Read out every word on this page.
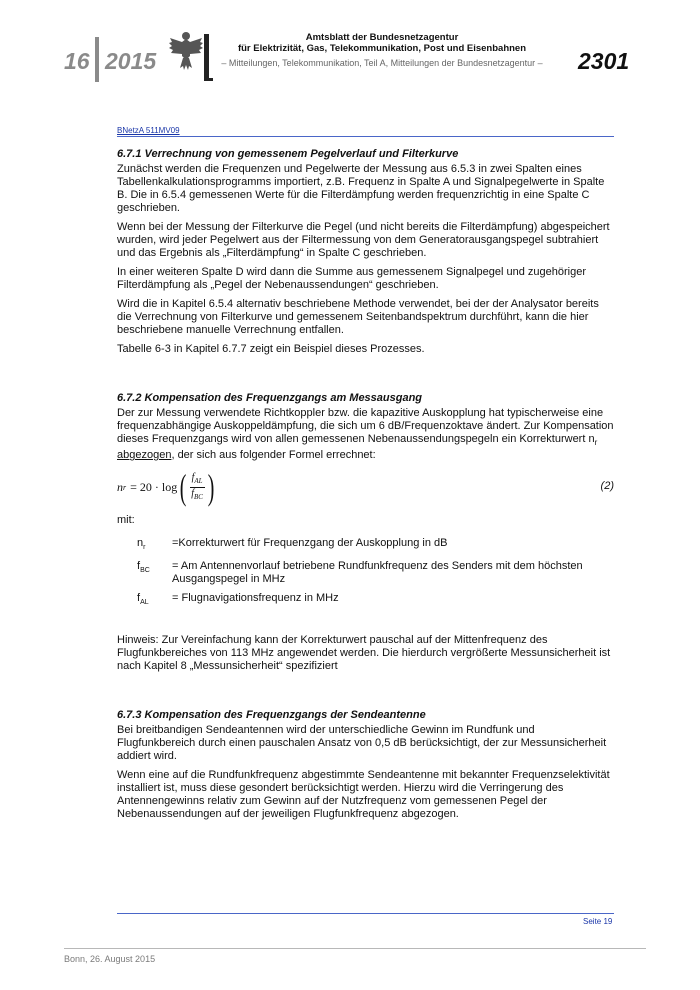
16 2015
Amtsblatt der Bundesnetzagentur
für Elektrizität, Gas, Telekommunikation, Post und Eisenbahnen
– Mitteilungen, Telekommunikation, Teil A, Mitteilungen der Bundesnetzagentur –	2301
BNetzA 511MV09
6.7.1 Verrechnung von gemessenem Pegelverlauf und Filterkurve

Zunächst werden die Frequenzen und Pegelwerte der Messung aus 6.5.3 in zwei Spalten eines Tabellenkalkulationsprogramms importiert, z.B. Frequenz in Spalte A und Signalpegelwerte in Spalte B. Die in 6.5.4 gemessenen Werte für die Filterdämpfung werden frequenzrichtig in eine Spalte C geschrieben.

Wenn bei der Messung der Filterkurve die Pegel (und nicht bereits die Filterdämpfung) abgespeichert wurden, wird jeder Pegelwert aus der Filtermessung von dem Generatorausgangspegel subtrahiert und das Ergebnis als „Filterdämpfung“ in Spalte C geschrieben.

In einer weiteren Spalte D wird dann die Summe aus gemessenem Signalpegel und zugehöriger Filterdämpfung als „Pegel der Nebenaussendungen“ geschrieben.

Wird die in Kapitel 6.5.4 alternativ beschriebene Methode verwendet, bei der der Analysator bereits die Verrechnung von Filterkurve und gemessenem Seitenbandspektrum durchführt, kann die hier beschriebene manuelle Verrechnung entfallen.

Tabelle 6-3 in Kapitel 6.7.7 zeigt ein Beispiel dieses Prozesses.

6.7.2 Kompensation des Frequenzgangs am Messausgang

Der zur Messung verwendete Richtkoppler bzw. die kapazitive Auskopplung hat typischerweise eine frequenzabhängige Auskoppeldämpfung, die sich um 6 dB/Frequenzoktave ändert. Zur Kompensation dieses Frequenzgangs wird von allen gemessenen Nebenaussendungspegeln ein Korrekturwert $n_r$ abgezogen, der sich aus folgender Formel errechnet:

n r = 20 · log ( $\frac{f_{AL}}{f_{BC}}$ )	(2)

mit:

$n_r$	=Korrekturwert für Frequenzgang der Auskopplung in dB
$f_{BC}$	= Am Antennenvorlauf betriebene Rundfunkfrequenz des Senders mit dem höchsten Ausgangspegel in MHz
$f_{AL}$	= Flugnavigationsfrequenz in MHz

Hinweis: Zur Vereinfachung kann der Korrekturwert pauschal auf der Mittenfrequenz des Flugfunkbereiches von 113 MHz angewendet werden. Die hierdurch vergrößerte Messunsicherheit ist nach Kapitel 8 „Messunsicherheit“ spezifiziert

6.7.3 Kompensation des Frequenzgangs der Sendeantenne

Bei breitbandigen Sendeantennen wird der unterschiedliche Gewinn im Rundfunk und Flugfunkbereich durch einen pauschalen Ansatz von 0,5 dB berücksichtigt, der zur Messunsicherheit addiert wird.

Wenn eine auf die Rundfunkfrequenz abgestimmte Sendeantenne mit bekannter Frequenzselektivität installiert ist, muss diese gesondert berücksichtigt werden. Hierzu wird die Verringerung des Antennengewinns relativ zum Gewinn auf der Nutzfrequenz vom gemessenen Pegel der Nebenaussendungen auf der jeweiligen Flugfunkfrequenz abgezogen.

Seite 19
Bonn, 26. August 2015
